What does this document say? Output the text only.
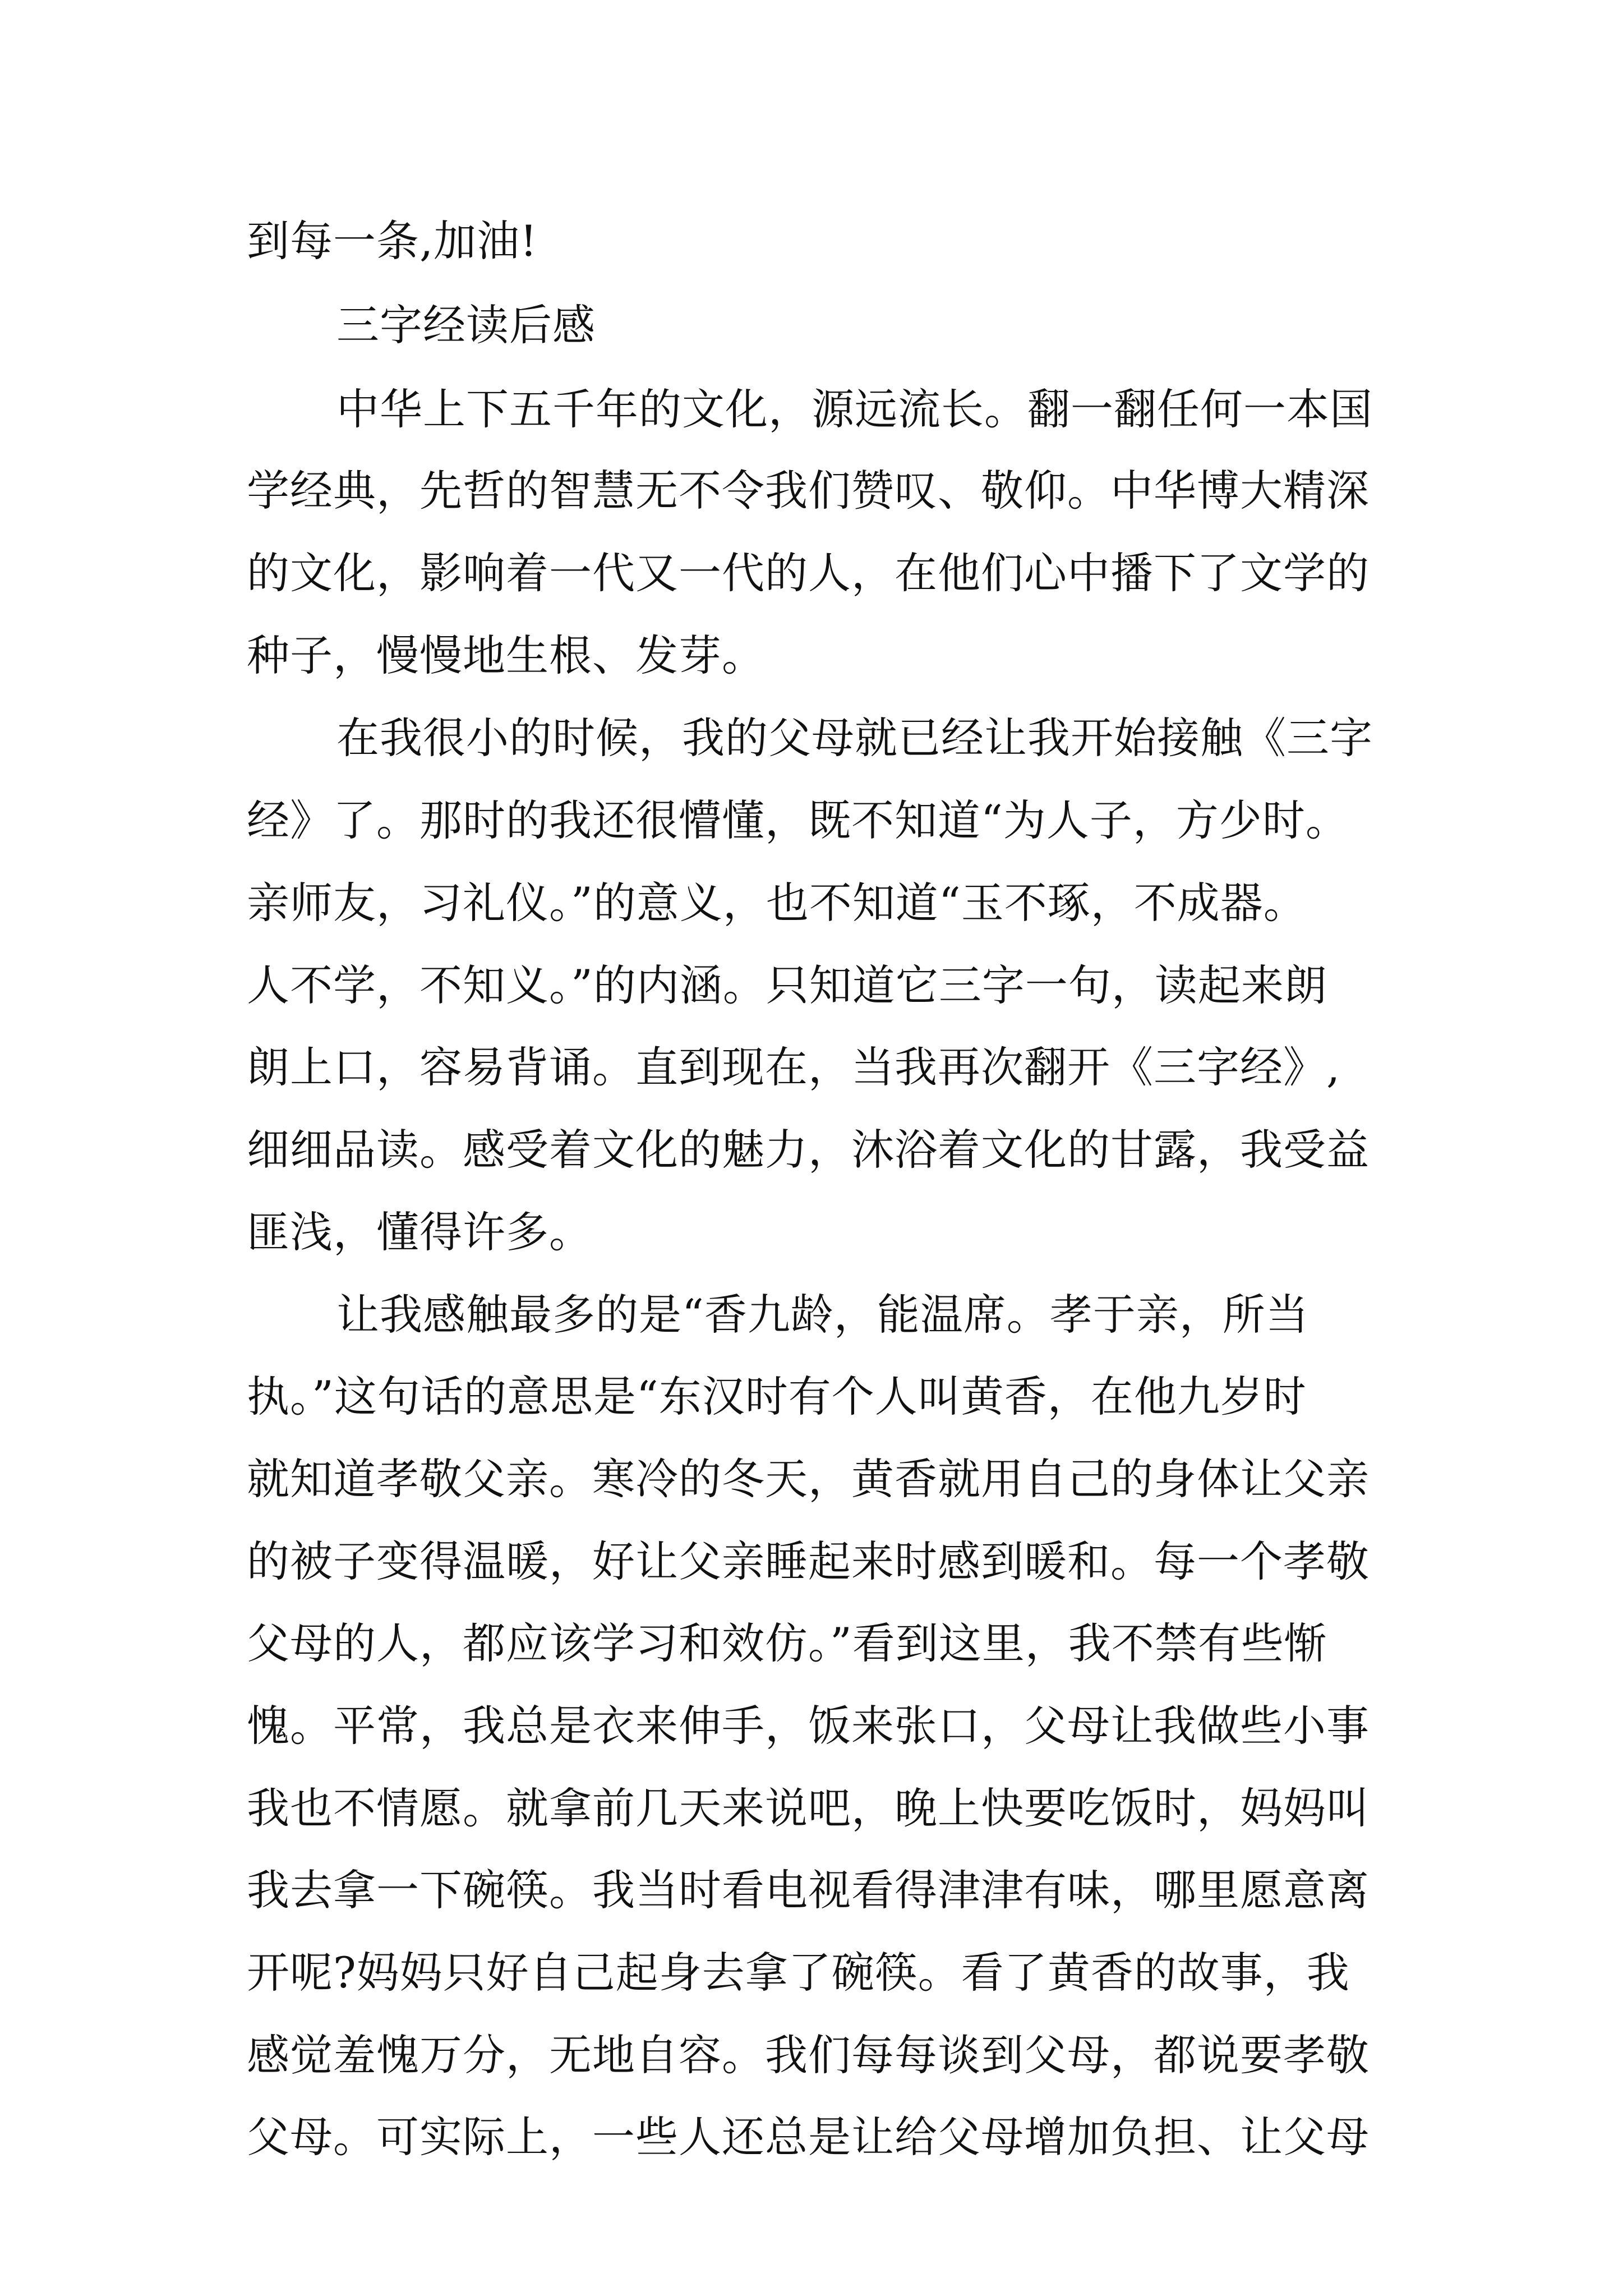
到每一条,加油!
三字经读后感
中华上下五千年的文化，源远流长。翻一翻任何一本国
学经典，先哲的智慧无不令我们赞叹、敬仰。中华博大精深
的文化，影响着一代又一代的人，在他们心中播下了文学的
种子，慢慢地生根、发芽。
在我很小的时候，我的父母就已经让我开始接触《三字
经》了。那时的我还很懵懂，既不知道“为人子，方少时。
亲师友，习礼仪。”的意义，也不知道“玉不琢，不成器。
人不学，不知义。”的内涵。只知道它三字一句，读起来朗
朗上口，容易背诵。直到现在，当我再次翻开《三字经》,
细细品读。感受着文化的魅力，沐浴着文化的甘露，我受益
匪浅，懂得许多。
让我感触最多的是“香九龄，能温席。孝于亲，所当
执。”这句话的意思是“东汉时有个人叫黄香，在他九岁时
就知道孝敬父亲。寒冷的冬天，黄香就用自己的身体让父亲
的被子变得温暖，好让父亲睡起来时感到暖和。每一个孝敬
父母的人，都应该学习和效仿。”看到这里，我不禁有些惭
愧。平常，我总是衣来伸手，饭来张口，父母让我做些小事
我也不情愿。就拿前几天来说吧，晚上快要吃饭时，妈妈叫
我去拿一下碗筷。我当时看电视看得津津有味，哪里愿意离
开呢?妈妈只好自己起身去拿了碗筷。看了黄香的故事，我
感觉羞愧万分，无地自容。我们每每谈到父母，都说要孝敬
父母。可实际上，一些人还总是让给父母增加负担、让父母
